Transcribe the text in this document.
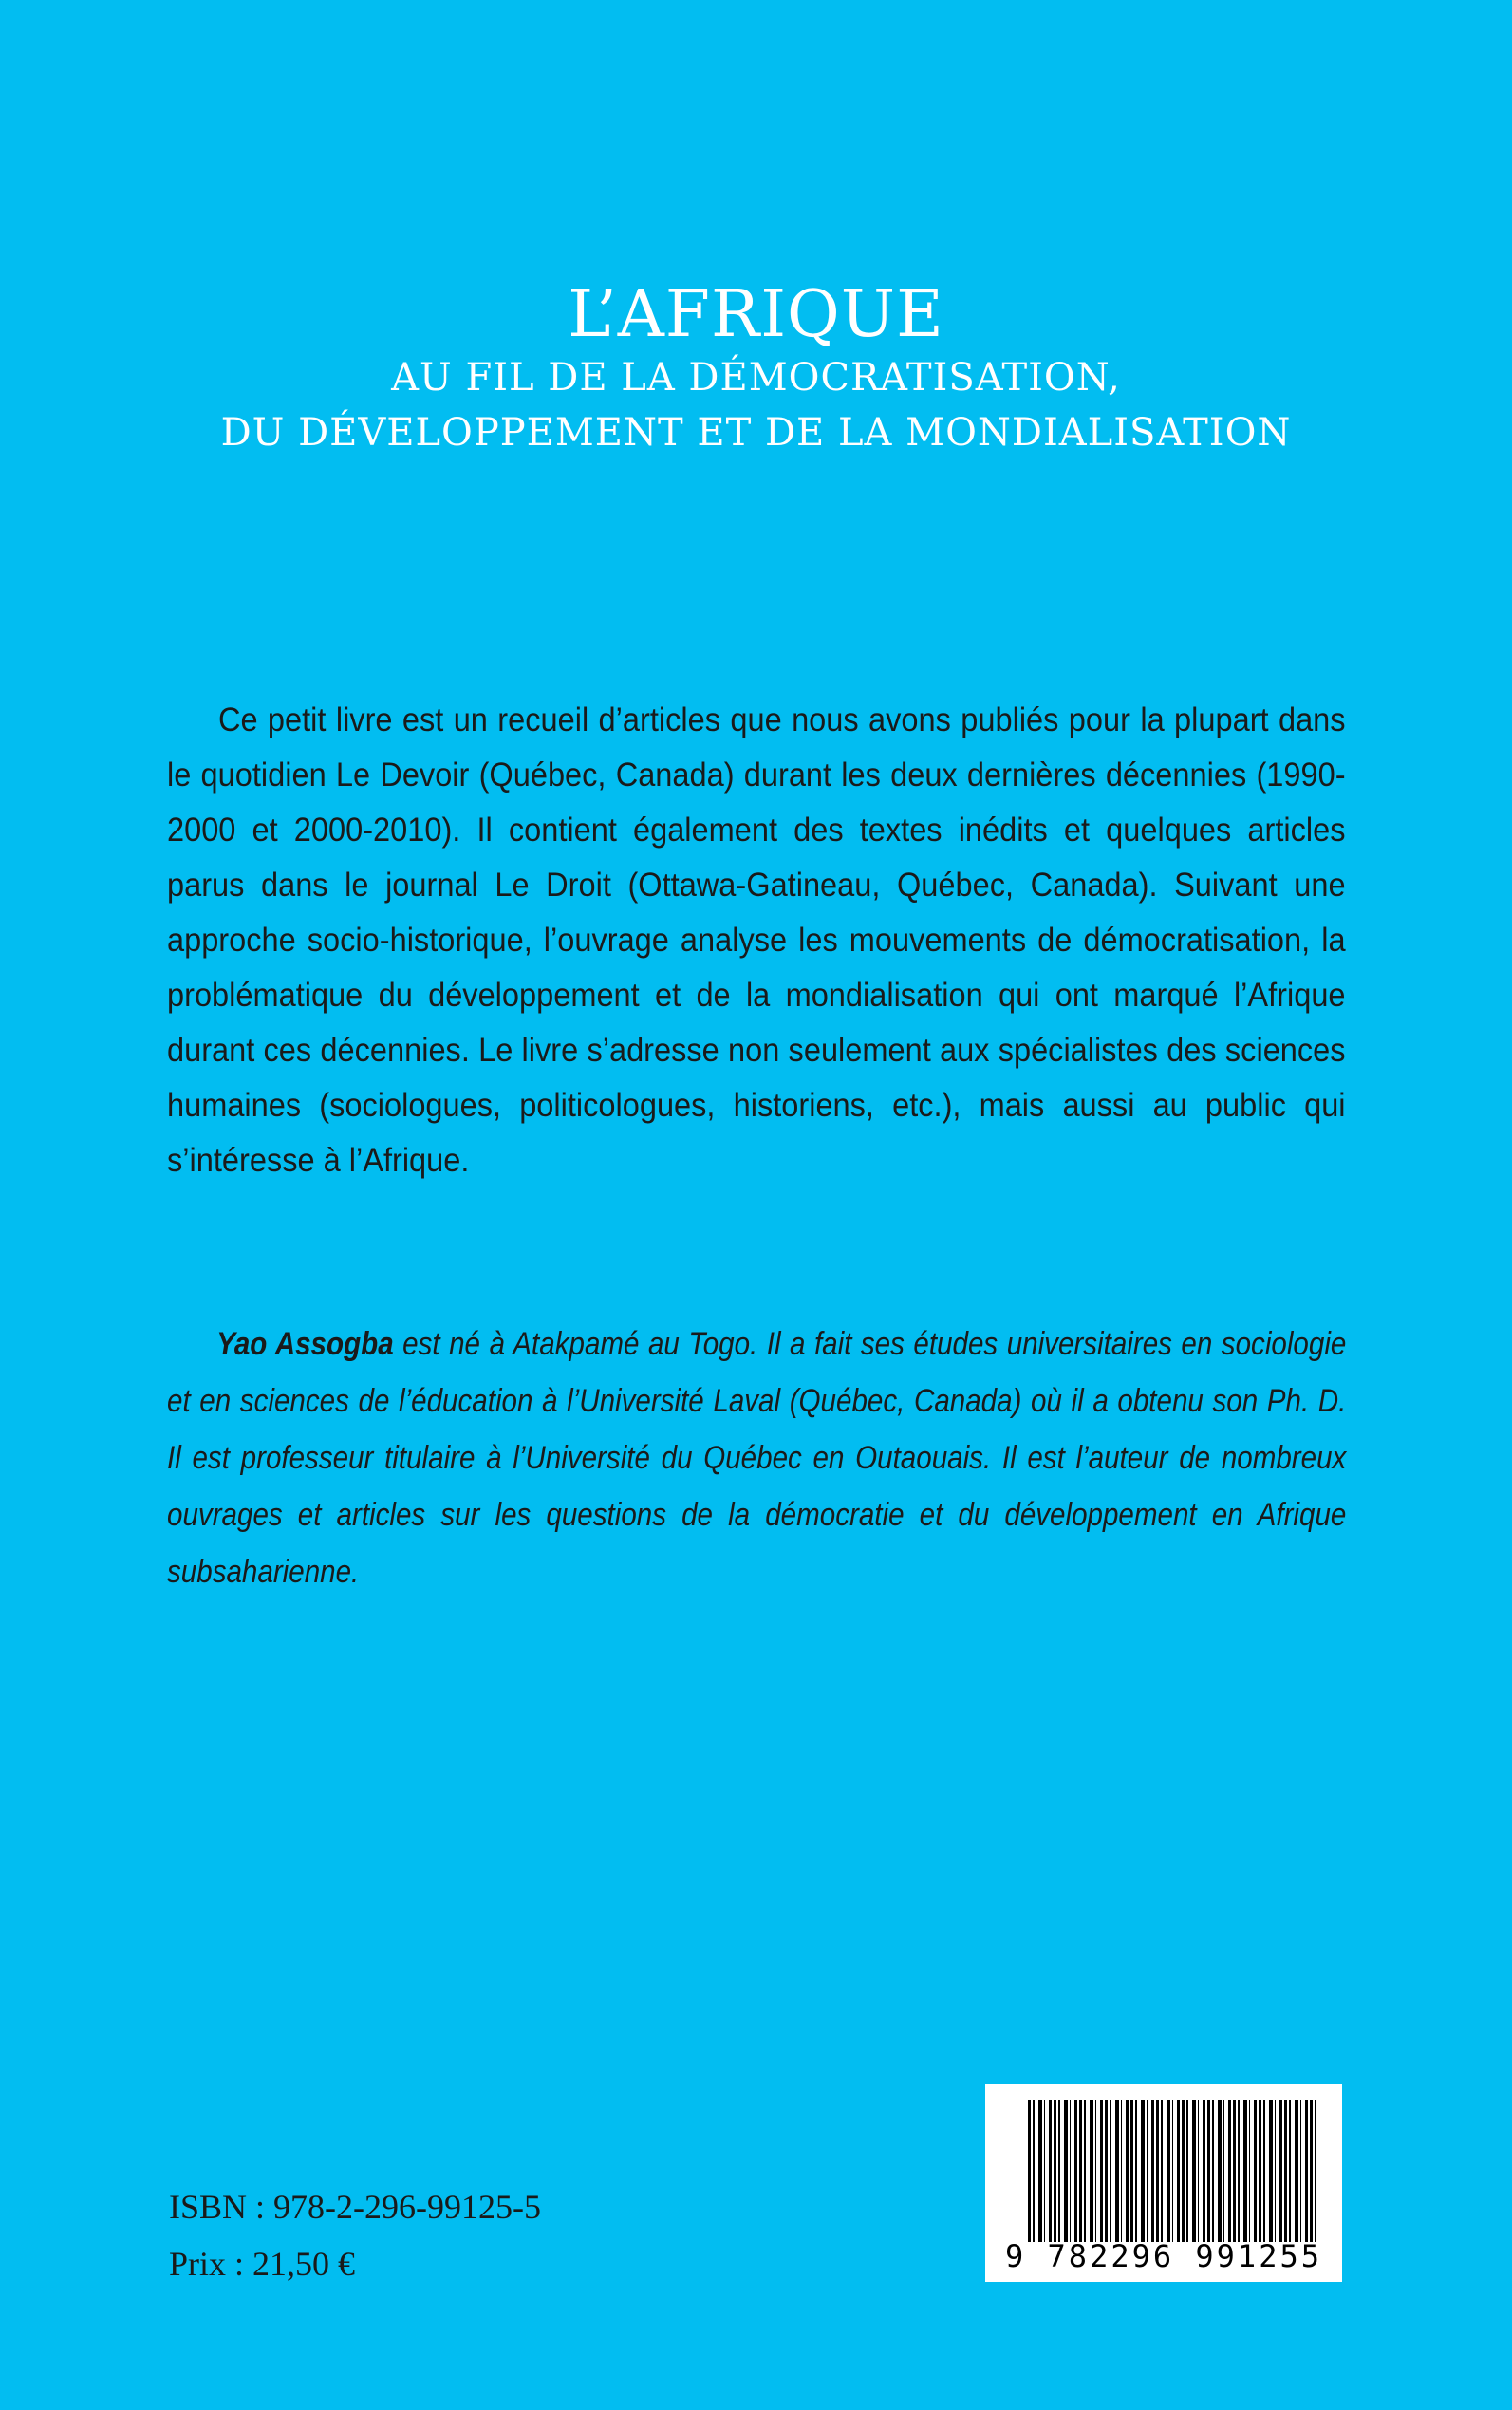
L’AFRIQUE
AU FIL DE LA DÉMOCRATISATION,
DU DÉVELOPPEMENT ET DE LA MONDIALISATION

Ce petit livre est un recueil d’articles que nous avons publiés pour la plupart dans le quotidien Le Devoir (Québec, Canada) durant les deux dernières décennies (1990-2000 et 2000-2010). Il contient également des textes inédits et quelques articles parus dans le journal Le Droit (Ottawa-Gatineau, Québec, Canada). Suivant une approche socio-historique, l’ouvrage analyse les mouvements de démocratisation, la problématique du développement et de la mondialisation qui ont marqué l’Afrique durant ces décennies. Le livre s’adresse non seulement aux spécialistes des sciences humaines (sociologues, politicologues, historiens, etc.), mais aussi au public qui s’intéresse à l’Afrique.

Yao Assogba est né à Atakpamé au Togo. Il a fait ses études universitaires en sociologie et en sciences de l’éducation à l’Université Laval (Québec, Canada) où il a obtenu son Ph. D. Il est professeur titulaire à l’Université du Québec en Outaouais. Il est l’auteur de nombreux ouvrages et articles sur les questions de la démocratie et du développement en Afrique subsaharienne.

ISBN : 978-2-296-99125-5
Prix : 21,50 €	9 782296 991255
